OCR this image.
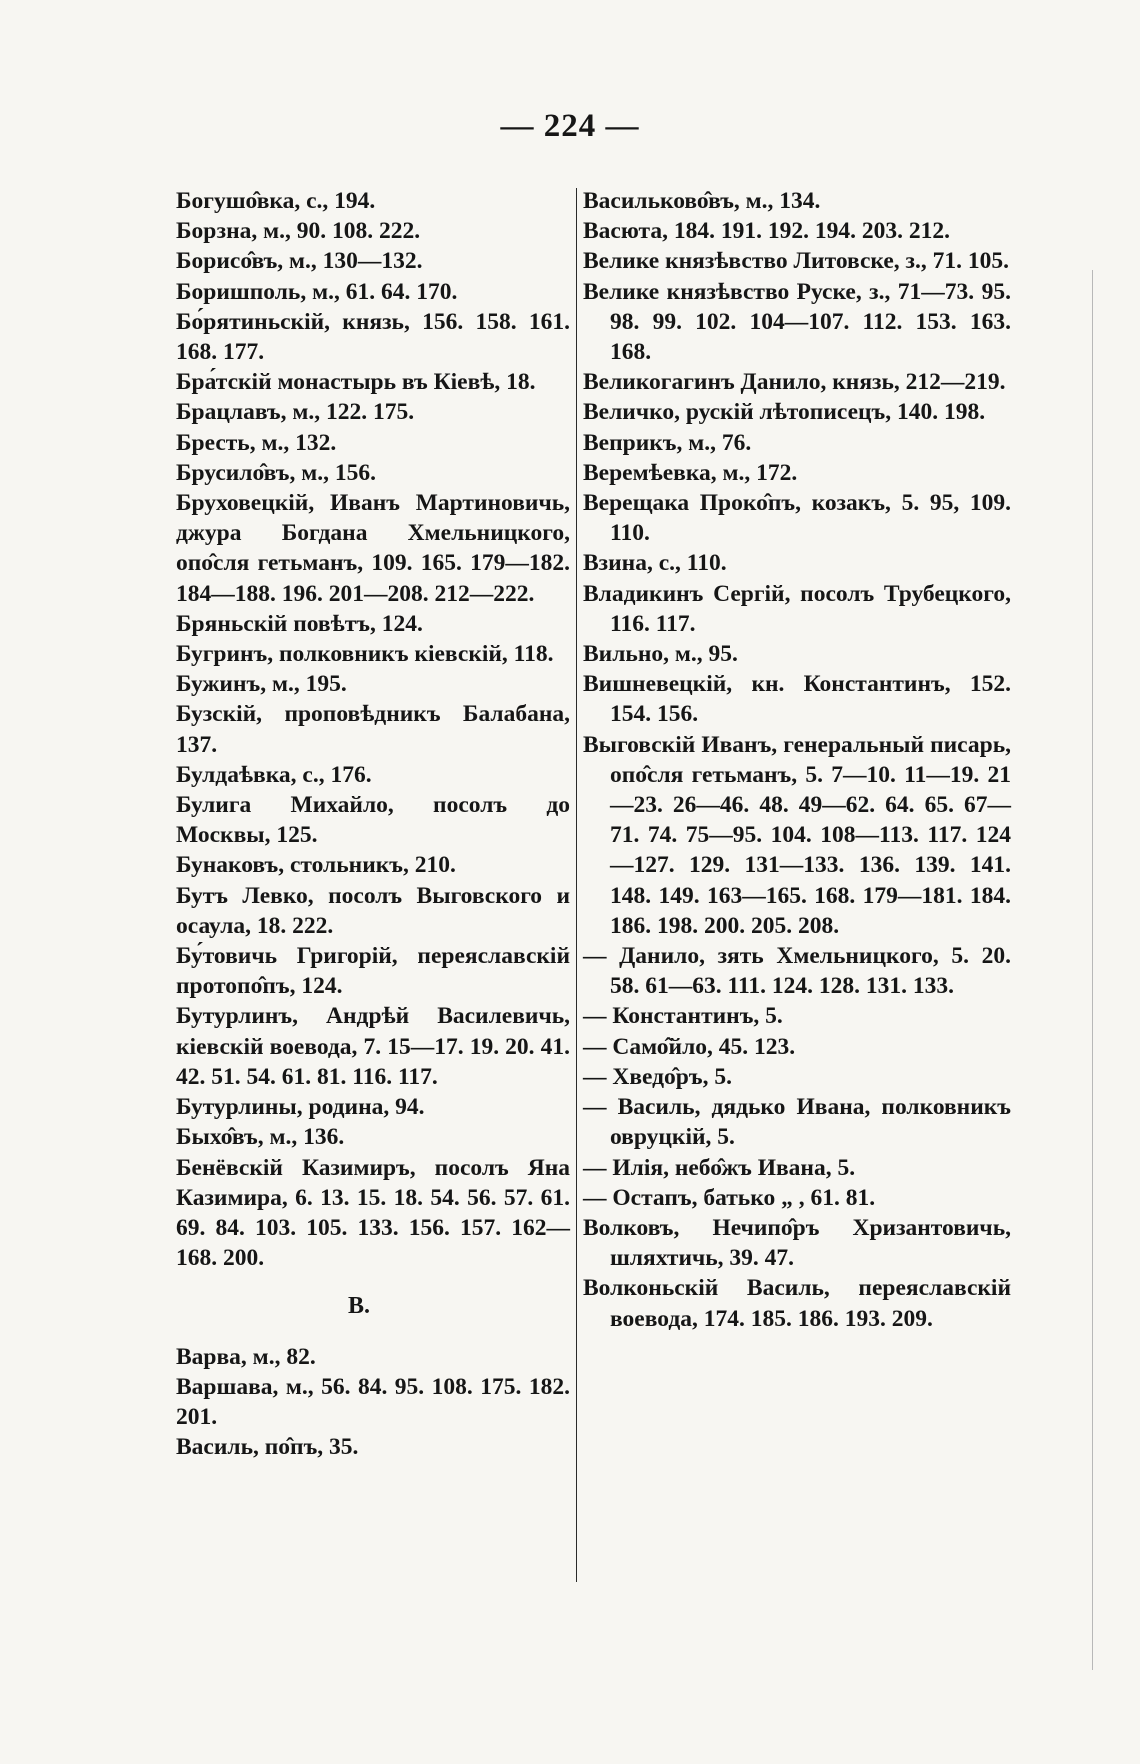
— 224 —

Богушо̂вка, с., 194.

Борзна, м., 90. 108. 222.

Борисо̂въ, м., 130—132.

Боришполь, м., 61. 64. 170.

Бо́рятиньскій, князь, 156. 158. 161. 168. 177.

Бра́тскій монастырь въ Кіевѣ, 18.

Брацлавъ, м., 122. 175.

Бресть, м., 132.

Брусило̂въ, м., 156.

Бруховецкій, Иванъ Мартиновичь, джура Богдана Хмельницкого, опо̂сля гетьманъ, 109. 165. 179—182. 184—188. 196. 201—208. 212—222.

Бряньскій повѣтъ, 124.

Бугринъ, полковникъ кіевскій, 118.

Бужинъ, м., 195.

Бузскій, проповѣдникъ Балабана, 137.

Булдаѣвка, с., 176.

Булига Михайло, посолъ до Москвы, 125.

Бунаковъ, стольникъ, 210.

Бутъ Левко, посолъ Выговского и осаула, 18. 222.

Бу́товичь Григорій, переяславскій протопо̂пъ, 124.

Бутурлинъ, Андрѣй Василевичь, кіевскій воевода, 7. 15—17. 19. 20. 41. 42. 51. 54. 61. 81. 116. 117.

Бутурлины, родина, 94.

Быхо̂въ, м., 136.

Бенёвскій Казимиръ, посолъ Яна Казимира, 6. 13. 15. 18. 54. 56. 57. 61. 69. 84. 103. 105. 133. 156. 157. 162—168. 200.

В.

Варва, м., 82.

Варшава, м., 56. 84. 95. 108. 175. 182. 201.

Василь, по̂пъ, 35.

Васильково̂въ, м., 134.

Васюта, 184. 191. 192. 194. 203. 212.

Велике князѣвство Литовске, з., 71. 105.

Велике князѣвство Руске, з., 71—73. 95. 98. 99. 102. 104—107. 112. 153. 163. 168.

Великогагинъ Данило, князь, 212—219.

Величко, рускій лѣтописецъ, 140. 198.

Веприкъ, м., 76.

Веремѣевка, м., 172.

Верещака Проко̂пъ, козакъ, 5. 95, 109. 110.

Взина, с., 110.

Владикинъ Сергій, посолъ Трубецкого, 116. 117.

Вильно, м., 95.

Вишневецкій, кн. Константинъ, 152. 154. 156.

Выговскій Иванъ, генеральный писарь, опо̂сля гетьманъ, 5. 7—10. 11—19. 21—23. 26—46. 48. 49—62. 64. 65. 67—71. 74. 75—95. 104. 108—113. 117. 124—127. 129. 131—133. 136. 139. 141. 148. 149. 163—165. 168. 179—181. 184. 186. 198. 200. 205. 208.

— Данило, зять Хмельницкого, 5. 20. 58. 61—63. 111. 124. 128. 131. 133.

— Константинъ, 5.

— Само̂йло, 45. 123.

— Хведо̂ръ, 5.

— Василь, дядько Ивана, полковникъ овруцкій, 5.

— Илія, небо̂жъ Ивана, 5.

— Остапъ, батько „ , 61. 81.

Волковъ, Нечипо̂ръ Хризантовичь, шляхтичь, 39. 47.

Волконьскій Василь, переяславскій воевода, 174. 185. 186. 193. 209.
